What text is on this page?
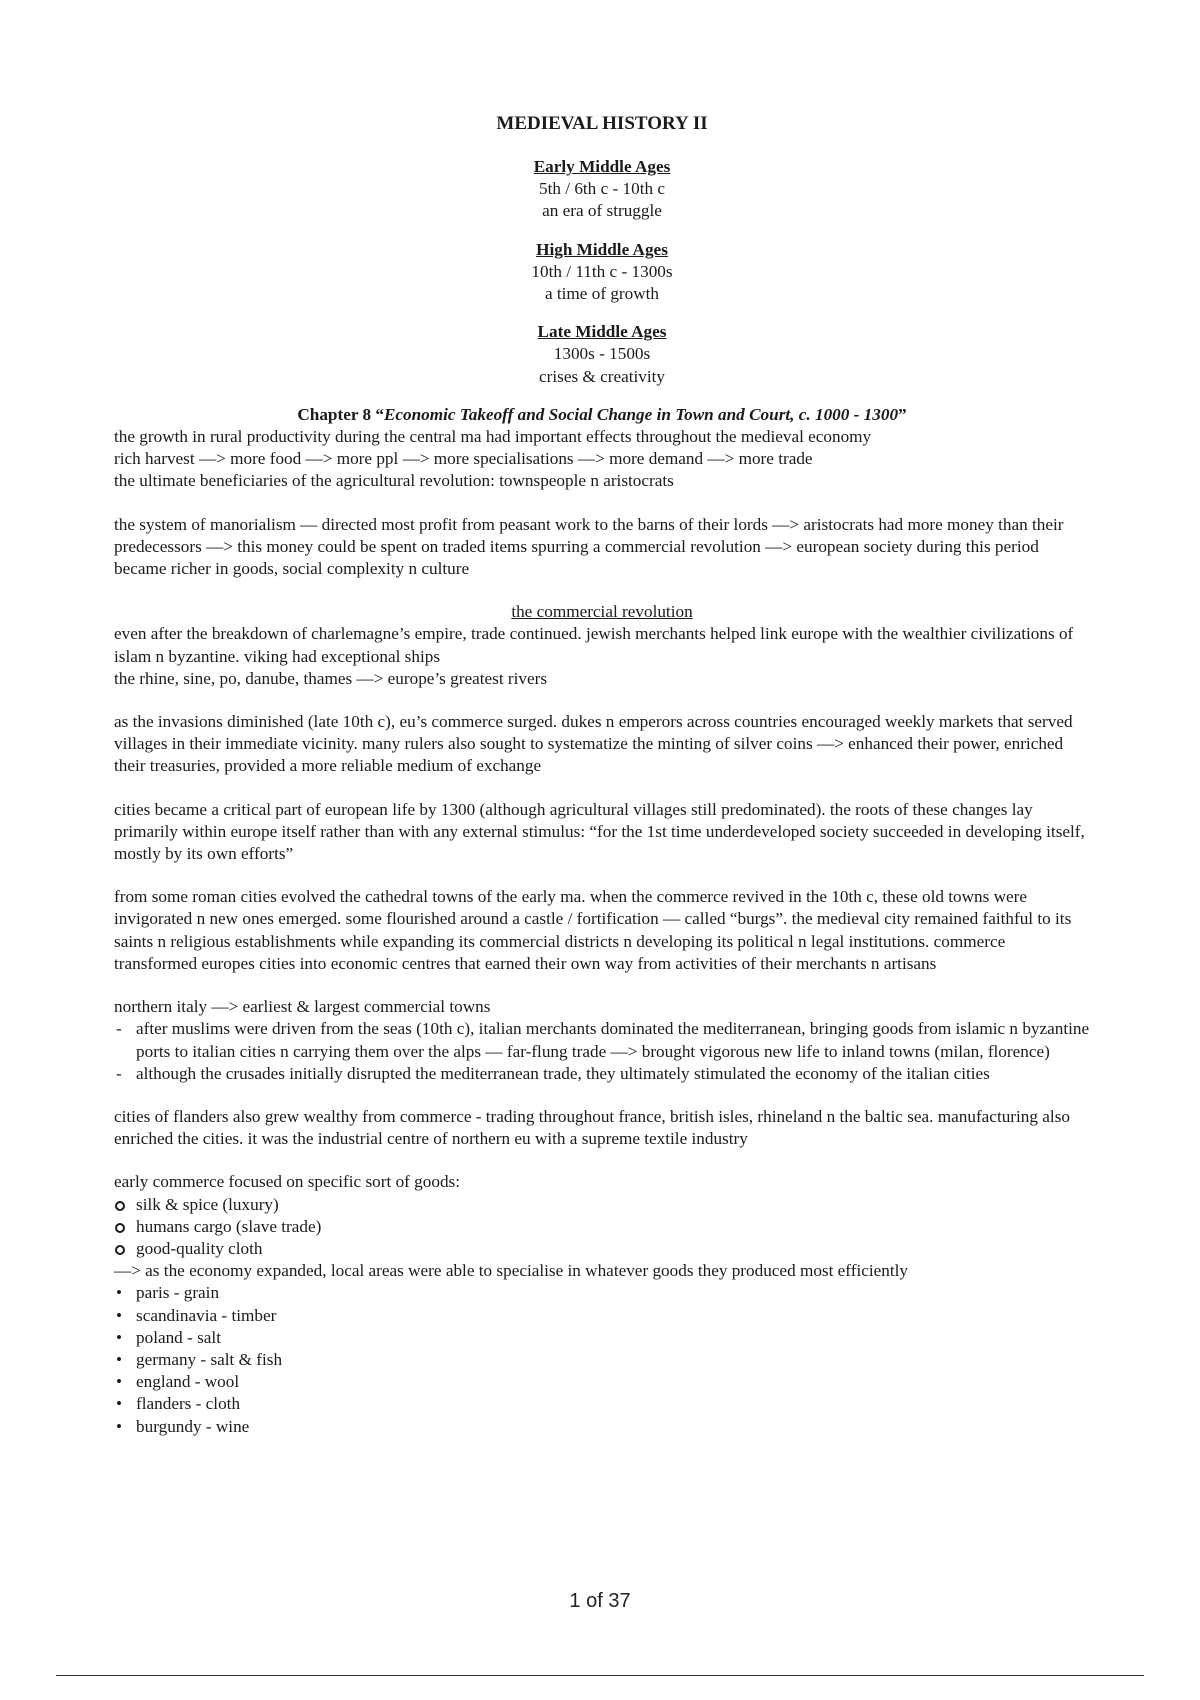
MEDIEVAL HISTORY II
Early Middle Ages
5th / 6th c - 10th c
an era of struggle
High Middle Ages
10th / 11th c - 1300s
a time of growth
Late Middle Ages
1300s - 1500s
crises & creativity
Chapter 8 “Economic Takeoff and Social Change in Town and Court, c. 1000 - 1300”
the growth in rural productivity during the central ma had important effects throughout the medieval economy
rich harvest —> more food —> more ppl —> more specialisations —> more demand —> more trade
the ultimate beneficiaries of the agricultural revolution: townspeople n aristocrats

the system of manorialism — directed most profit from peasant work to the barns of their lords —> aristocrats had more money than their predecessors —> this money could be spent on traded items spurring a commercial revolution —> european society during this period became richer in goods, social complexity n culture

the commercial revolution
even after the breakdown of charlemagne’s empire, trade continued. jewish merchants helped link europe with the wealthier civilizations of islam n byzantine. viking had exceptional ships
the rhine, sine, po, danube, thames —> europe’s greatest rivers

as the invasions diminished (late 10th c), eu’s commerce surged. dukes n emperors across countries encouraged weekly markets that served villages in their immediate vicinity. many rulers also sought to systematize the minting of silver coins —> enhanced their power, enriched their treasuries, provided a more reliable medium of exchange

cities became a critical part of european life by 1300 (although agricultural villages still predominated). the roots of these changes lay primarily within europe itself rather than with any external stimulus: “for the 1st time underdeveloped society succeeded in developing itself, mostly by its own efforts”

from some roman cities evolved the cathedral towns of the early ma. when the commerce revived in the 10th c, these old towns were invigorated n new ones emerged. some flourished around a castle / fortification — called “burgs”. the medieval city remained faithful to its saints n religious establishments while expanding its commercial districts n developing its political n legal institutions. commerce transformed europes cities into economic centres that earned their own way from activities of their merchants n artisans

northern italy —> earliest & largest commercial towns
- after muslims were driven from the seas (10th c), italian merchants dominated the mediterranean, bringing goods from islamic n byzantine ports to italian cities n carrying them over the alps — far-flung trade —> brought vigorous new life to inland towns (milan, florence)
- although the crusades initially disrupted the mediterranean trade, they ultimately stimulated the economy of the italian cities

cities of flanders also grew wealthy from commerce - trading throughout france, british isles, rhineland n the baltic sea. manufacturing also enriched the cities. it was the industrial centre of northern eu with a supreme textile industry

early commerce focused on specific sort of goods:
silk & spice (luxury)
humans cargo (slave trade)
good-quality cloth
—> as the economy expanded, local areas were able to specialise in whatever goods they produced most efficiently
• paris - grain
• scandinavia - timber
• poland - salt
• germany - salt & fish
• england - wool
• flanders - cloth
• burgundy - wine
1 of 37
